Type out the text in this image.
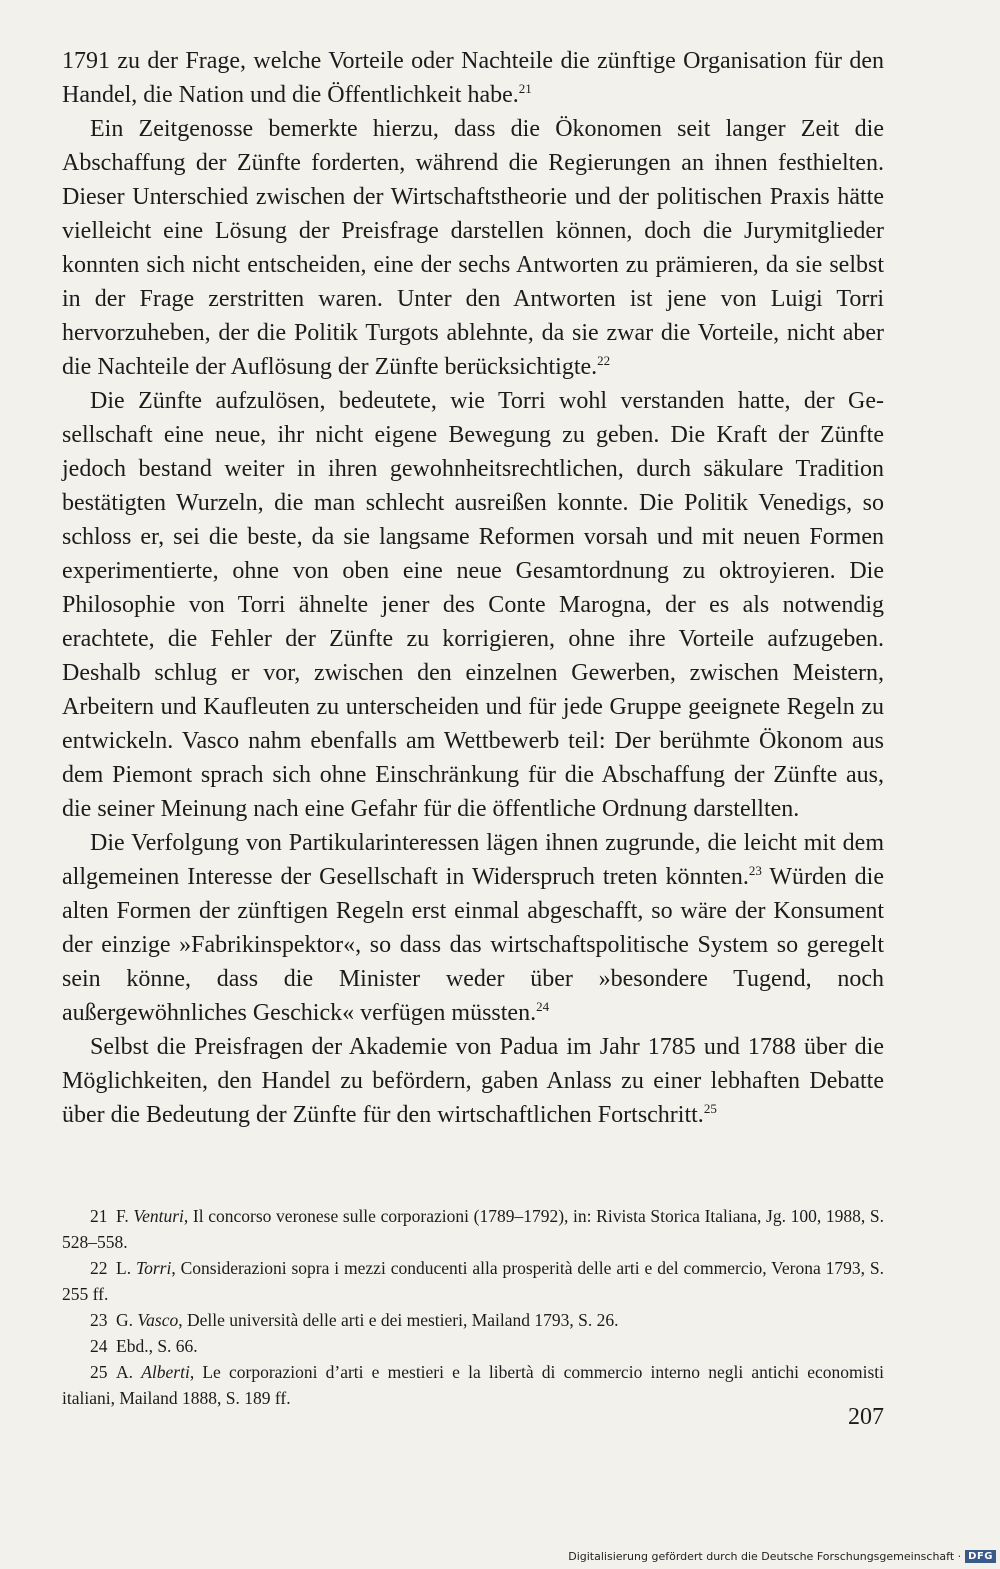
1791 zu der Frage, welche Vorteile oder Nachteile die zünftige Organisation für den Handel, die Nation und die Öffentlichkeit habe.$^{21}$

Ein Zeitgenosse bemerkte hierzu, dass die Ökonomen seit langer Zeit die Abschaffung der Zünfte forderten, während die Regierungen an ihnen festhielten. Dieser Unterschied zwischen der Wirtschaftstheorie und der politischen Praxis hätte vielleicht eine Lösung der Preisfrage darstellen können, doch die Jurymitglieder konnten sich nicht entscheiden, eine der sechs Antworten zu prämieren, da sie selbst in der Frage zerstritten waren. Unter den Antworten ist jene von Luigi Torri hervorzuheben, der die Politik Turgots ablehnte, da sie zwar die Vorteile, nicht aber die Nachteile der Auflösung der Zünfte berücksichtigte.$^{22}$

Die Zünfte aufzulösen, bedeutete, wie Torri wohl verstanden hatte, der Gesellschaft eine neue, ihr nicht eigene Bewegung zu geben. Die Kraft der Zünfte jedoch bestand weiter in ihren gewohnheitsrechtlichen, durch säkulare Tradition bestätigten Wurzeln, die man schlecht ausreißen konnte. Die Politik Venedigs, so schloss er, sei die beste, da sie langsame Reformen vorsah und mit neuen Formen experimentierte, ohne von oben eine neue Gesamtordnung zu oktroyieren. Die Philosophie von Torri ähnelte jener des Conte Marogna, der es als notwendig erachtete, die Fehler der Zünfte zu korrigieren, ohne ihre Vorteile aufzugeben. Deshalb schlug er vor, zwischen den einzelnen Gewerben, zwischen Meistern, Arbeitern und Kaufleuten zu unterscheiden und für jede Gruppe geeignete Regeln zu entwickeln. Vasco nahm ebenfalls am Wettbewerb teil: Der berühmte Ökonom aus dem Piemont sprach sich ohne Einschränkung für die Abschaffung der Zünfte aus, die seiner Meinung nach eine Gefahr für die öffentliche Ordnung darstellten.

Die Verfolgung von Partikularinteressen lägen ihnen zugrunde, die leicht mit dem allgemeinen Interesse der Gesellschaft in Widerspruch treten könnten.$^{23}$ Würden die alten Formen der zünftigen Regeln erst einmal abgeschafft, so wäre der Konsument der einzige »Fabrikinspektor«, so dass das wirtschaftspolitische System so geregelt sein könne, dass die Minister weder über »besondere Tugend, noch außergewöhnliches Geschick« verfügen müssten.$^{24}$

Selbst die Preisfragen der Akademie von Padua im Jahr 1785 und 1788 über die Möglichkeiten, den Handel zu befördern, gaben Anlass zu einer lebhaften Debatte über die Bedeutung der Zünfte für den wirtschaftlichen Fortschritt.$^{25}$

21 F. Venturi, Il concorso veronese sulle corporazioni (1789–1792), in: Rivista Storica Italiana, Jg. 100, 1988, S. 528–558.

22 L. Torri, Considerazioni sopra i mezzi conducenti alla prosperità delle arti e del commercio, Verona 1793, S. 255 ff.

23 G. Vasco, Delle università delle arti e dei mestieri, Mailand 1793, S. 26.

24 Ebd., S. 66.

25 A. Alberti, Le corporazioni d’arti e mestieri e la libertà di commercio interno negli antichi economisti italiani, Mailand 1888, S. 189 ff.

207
Digitalisierung gefördert durch die Deutsche Forschungsgemeinschaft · DFG
